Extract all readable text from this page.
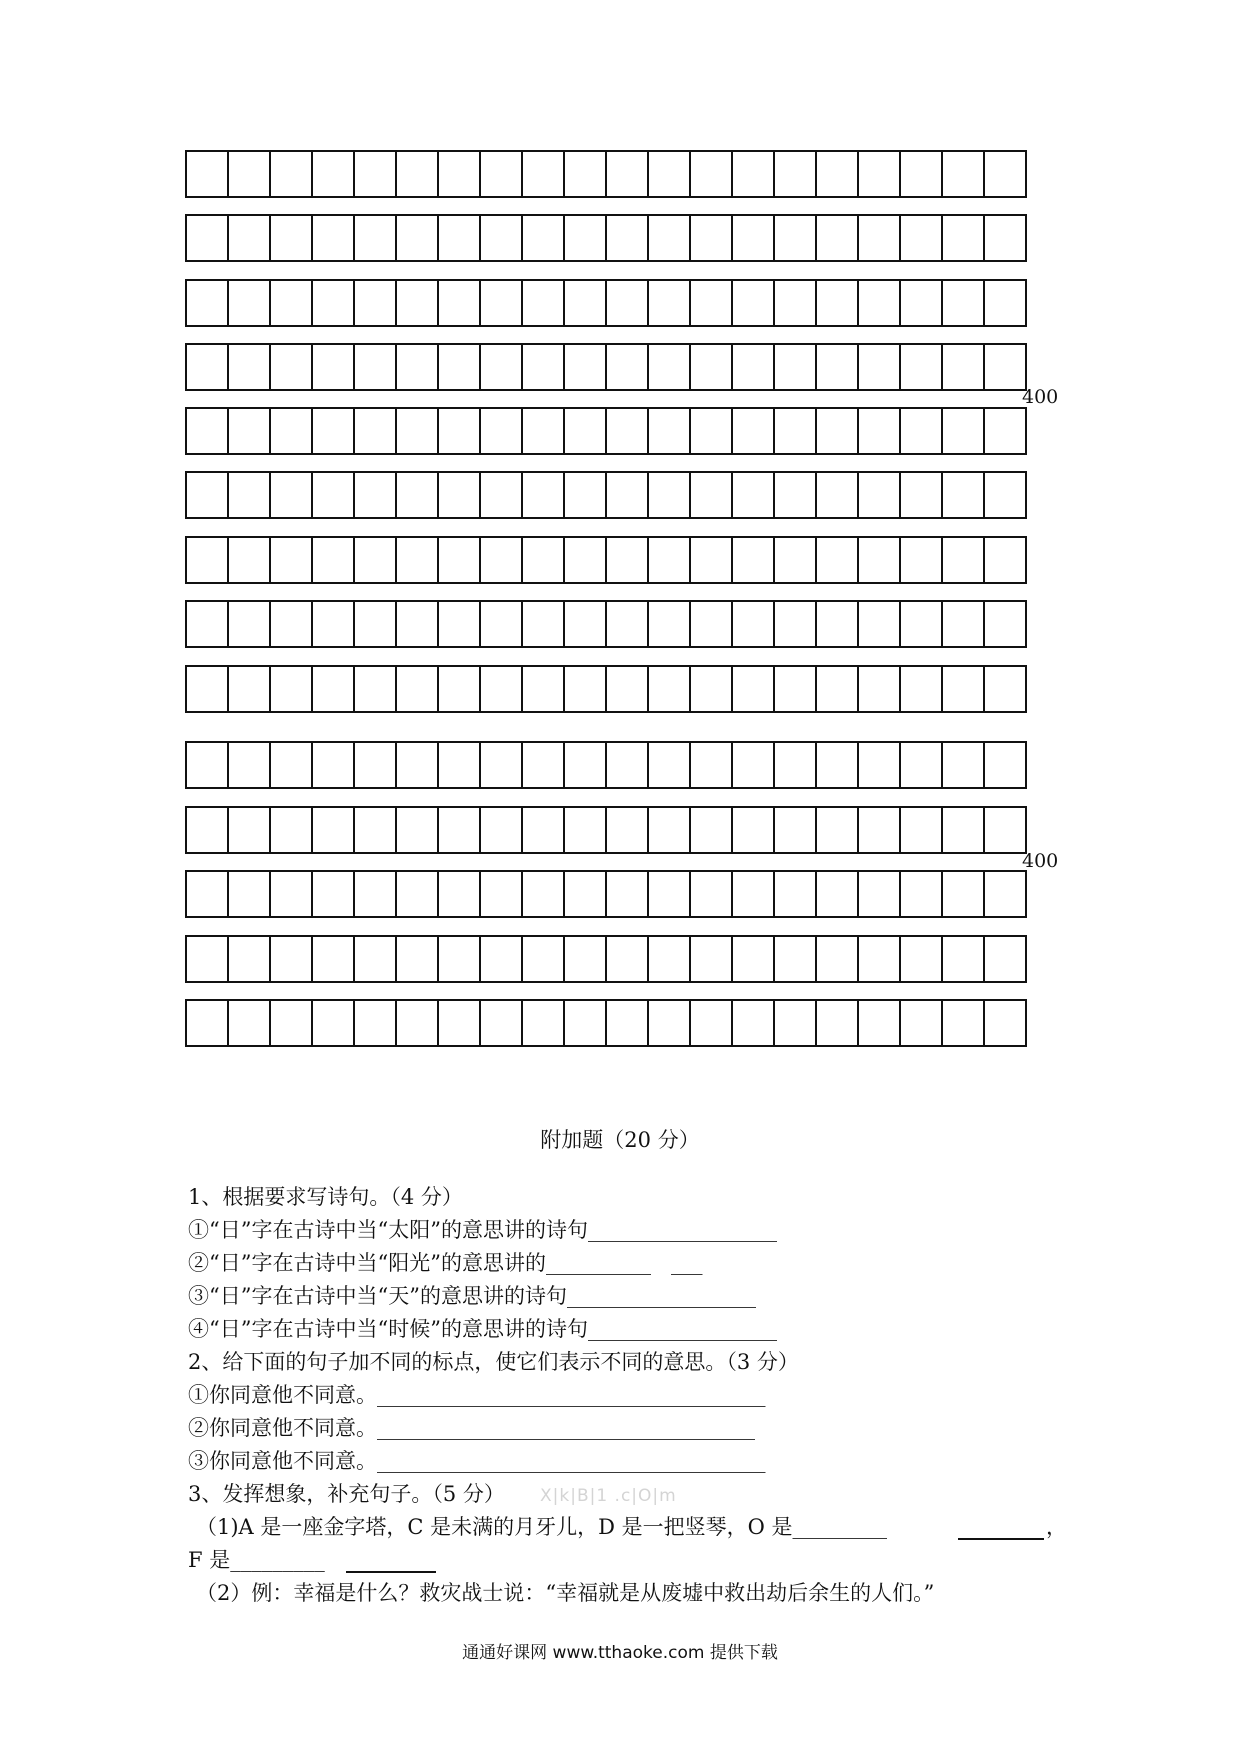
400
400
附加题（20 分）
1、根据要求写诗句。（4 分）
①“日”字在古诗中当“太阳”的意思讲的诗句__________________
②“日”字在古诗中当“阳光”的意思讲的__________   ___
③“日”字在古诗中当“天”的意思讲的诗句__________________
④“日”字在古诗中当“时候”的意思讲的诗句__________________
2、给下面的句子加不同的标点，使它们表示不同的意思。（3 分）
①你同意他不同意。_____________________________________
②你同意他不同意。____________________________________
③你同意他不同意。_____________________________________
3、发挥想象，补充句子。（5 分） X|k|B|1 .c|O|m
（1)A 是一座金字塔，C 是未满的月牙儿，D 是一把竖琴，O 是_________	，
F 是_________
（2）例：幸福是什么？救灾战士说：“幸福就是从废墟中救出劫后余生的人们。”
通通好课网 www.tthaoke.com 提供下载
